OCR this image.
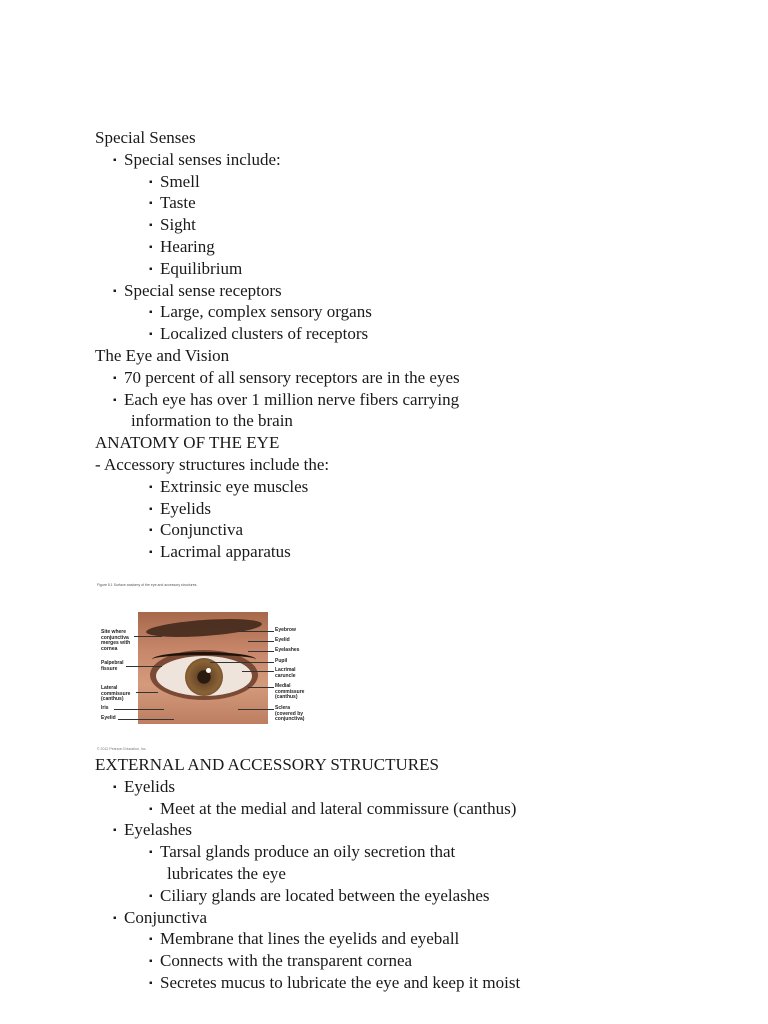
Special Senses
▪ Special senses include:
▪ Smell
▪ Taste
▪ Sight
▪ Hearing
▪ Equilibrium
▪ Special sense receptors
▪ Large, complex sensory organs
▪ Localized clusters of receptors
The Eye and Vision
▪ 70 percent of all sensory receptors are in the eyes
▪ Each eye has over 1 million nerve fibers carrying
information to the brain
ANATOMY OF THE EYE
- Accessory structures include the:
▪ Extrinsic eye muscles
▪ Eyelids
▪ Conjunctiva
▪ Lacrimal apparatus
Figure 8.1 Surface anatomy of the eye and accessory structures.
Site where
conjunctiva
merges with
cornea
Palpebral
fissure
Lateral
commissure
(canthus)
Iris
Eyelid
Eyebrow
Eyelid
Eyelashes
Pupil
Lacrimal
caruncle
Medial
commissure
(canthus)
Sclera
(covered by
conjunctiva)
© 2012 Pearson Education, Inc.
EXTERNAL AND ACCESSORY STRUCTURES
▪ Eyelids
▪ Meet at the medial and lateral commissure (canthus)
▪ Eyelashes
▪ Tarsal glands produce an oily secretion that
lubricates the eye
▪ Ciliary glands are located between the eyelashes
▪ Conjunctiva
▪ Membrane that lines the eyelids and eyeball
▪ Connects with the transparent cornea
▪ Secretes mucus to lubricate the eye and keep it moist
